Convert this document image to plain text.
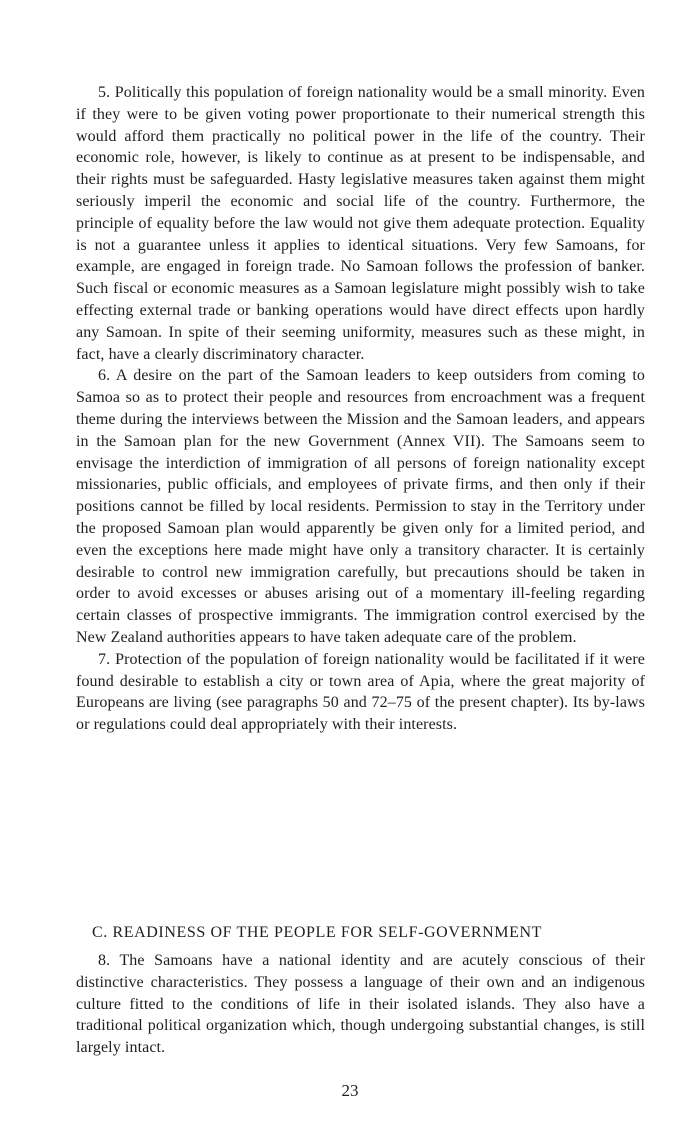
5. Politically this population of foreign nationality would be a small minority. Even if they were to be given voting power proportionate to their numerical strength this would afford them practically no political power in the life of the country. Their economic role, however, is likely to continue as at present to be indispensable, and their rights must be safeguarded. Hasty legislative measures taken against them might seriously imperil the economic and social life of the country. Furthermore, the principle of equality before the law would not give them adequate protection. Equality is not a guarantee unless it applies to identical situations. Very few Samoans, for example, are engaged in foreign trade. No Samoan follows the profession of banker. Such fiscal or economic measures as a Samoan legislature might possibly wish to take effecting external trade or banking operations would have direct effects upon hardly any Samoan. In spite of their seeming uniformity, measures such as these might, in fact, have a clearly discriminatory character.

6. A desire on the part of the Samoan leaders to keep outsiders from coming to Samoa so as to protect their people and resources from encroachment was a frequent theme during the interviews between the Mission and the Samoan leaders, and appears in the Samoan plan for the new Government (Annex VII). The Samoans seem to envisage the interdiction of immigration of all persons of foreign nationality except missionaries, public officials, and employees of private firms, and then only if their positions cannot be filled by local residents. Permission to stay in the Territory under the proposed Samoan plan would apparently be given only for a limited period, and even the exceptions here made might have only a transitory character. It is certainly desirable to control new immigration carefully, but precautions should be taken in order to avoid excesses or abuses arising out of a momentary ill-feeling regarding certain classes of prospective immigrants. The immigration control exercised by the New Zealand authorities appears to have taken adequate care of the problem.

7. Protection of the population of foreign nationality would be facilitated if it were found desirable to establish a city or town area of Apia, where the great majority of Europeans are living (see paragraphs 50 and 72–75 of the present chapter). Its by-laws or regulations could deal appropriately with their interests.

C. READINESS OF THE PEOPLE FOR SELF-GOVERNMENT

8. The Samoans have a national identity and are acutely conscious of their distinctive characteristics. They possess a language of their own and an indigenous culture fitted to the conditions of life in their isolated islands. They also have a traditional political organization which, though undergoing substantial changes, is still largely intact.

23
